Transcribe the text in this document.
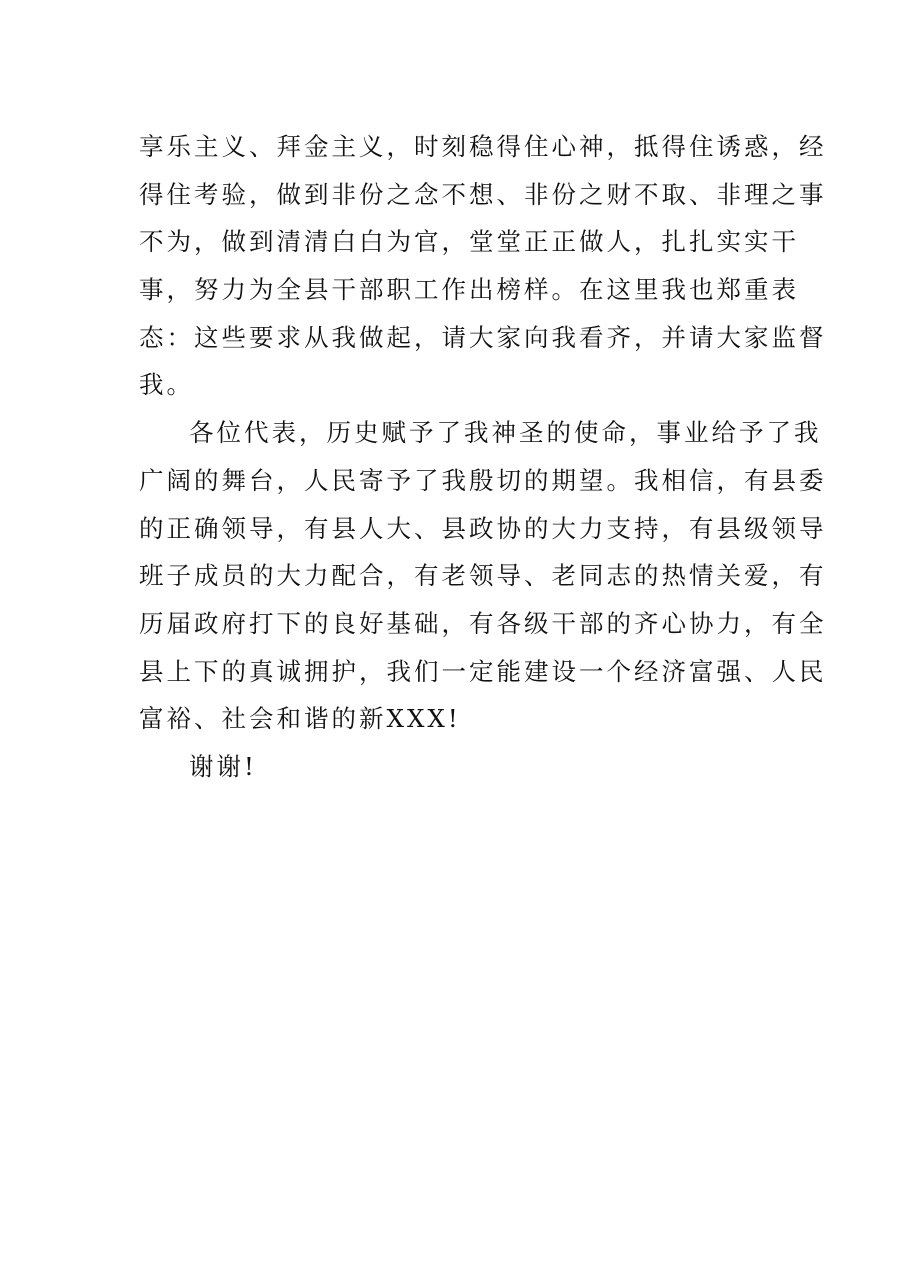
享乐主义、拜金主义，时刻稳得住心神，抵得住诱惑，经
得住考验，做到非份之念不想、非份之财不取、非理之事
不为，做到清清白白为官，堂堂正正做人，扎扎实实干
事，努力为全县干部职工作出榜样。在这里我也郑重表
态：这些要求从我做起，请大家向我看齐，并请大家监督
我。
各位代表，历史赋予了我神圣的使命，事业给予了我
广阔的舞台，人民寄予了我殷切的期望。我相信，有县委
的正确领导，有县人大、县政协的大力支持，有县级领导
班子成员的大力配合，有老领导、老同志的热情关爱，有
历届政府打下的良好基础，有各级干部的齐心协力，有全
县上下的真诚拥护，我们一定能建设一个经济富强、人民
富裕、社会和谐的新XXX!
谢谢!
